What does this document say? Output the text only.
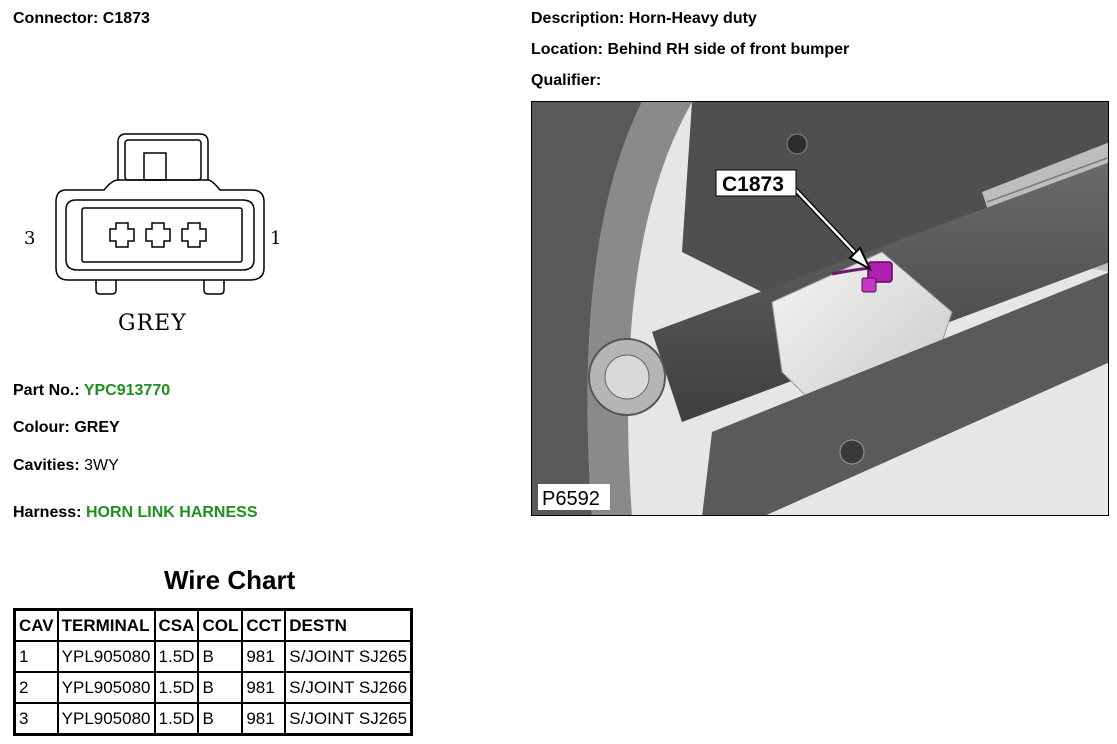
Connector: C1873	Description: Horn-Heavy duty
Location: Behind RH side of front bumper
Qualifier:
3	1
GREY
Part No.: YPC913770
Colour: GREY
Cavities: 3WY
Harness: HORN LINK HARNESS
Wire Chart
CAV	TERMINAL	CSA	COL	CCT	DESTN
1	YPL905080	1.5D	B	981	S/JOINT SJ265
2	YPL905080	1.5D	B	981	S/JOINT SJ266
3	YPL905080	1.5D	B	981	S/JOINT SJ265
C1873
P6592
